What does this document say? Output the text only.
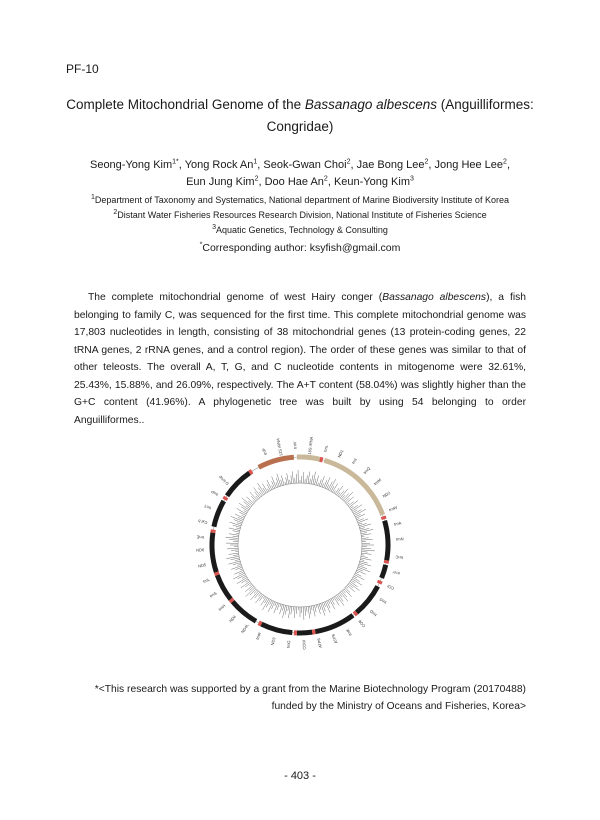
PF-10
Complete Mitochondrial Genome of the Bassanago albescens (Anguilliformes:
Congridae)
Seong-Yong Kim$^{1*}$, Yong Rock An$^1$, Seok-Gwan Choi$^2$, Jae Bong Lee$^2$, Jong Hee Lee$^2$,
Eun Jung Kim$^2$, Doo Hae An$^2$, Keun-Yong Kim$^3$
$^1$Department of Taxonomy and Systematics, National department of Marine Biodiversity Institute of Korea
$^2$Distant Water Fisheries Resources Research Division, National Institute of Fisheries Science
$^3$Aquatic Genetics, Technology & Consulting
*Corresponding author: ksyfish@gmail.com

The complete mitochondrial genome of west Hairy conger (Bassanago albescens), a fish belonging to family C, was sequenced for the first time. This complete mitochondrial genome was 17,803 nucleotides in length, consisting of 38 mitochondrial genes (13 protein-coding genes, 22 tRNA genes, 2 rRNA genes, and a control region). The order of these genes was similar to that of other teleosts. The overall A, T, G, and C nucleotide contents in mitogenome were 32.61%, 25.43%, 15.88%, and 26.09%, respectively. The A+T content (58.04%) was slightly higher than the G+C content (41.96%). A phylogenetic tree was built by using 54 belonging to order Anguilliformes..

trnF 12S rRNA trnV 16S rRNA trnL
ND1
trnI
trnQ
trnM
ND2
trnW
trnA
trnN
trnC
trnY
COI
trnS
trnD
COII
trnK
ATP8
ATP6
COIII
trnG
ND3
trnR
ND4L
ND4
trnH
trnS
trnL
ND5
ND6
trnE
Cyt b
trnT
trnP
D-loop
*<This research was supported by a grant from the Marine Biotechnology Program (20170488)
funded by the Ministry of Oceans and Fisheries, Korea>
- 403 -
